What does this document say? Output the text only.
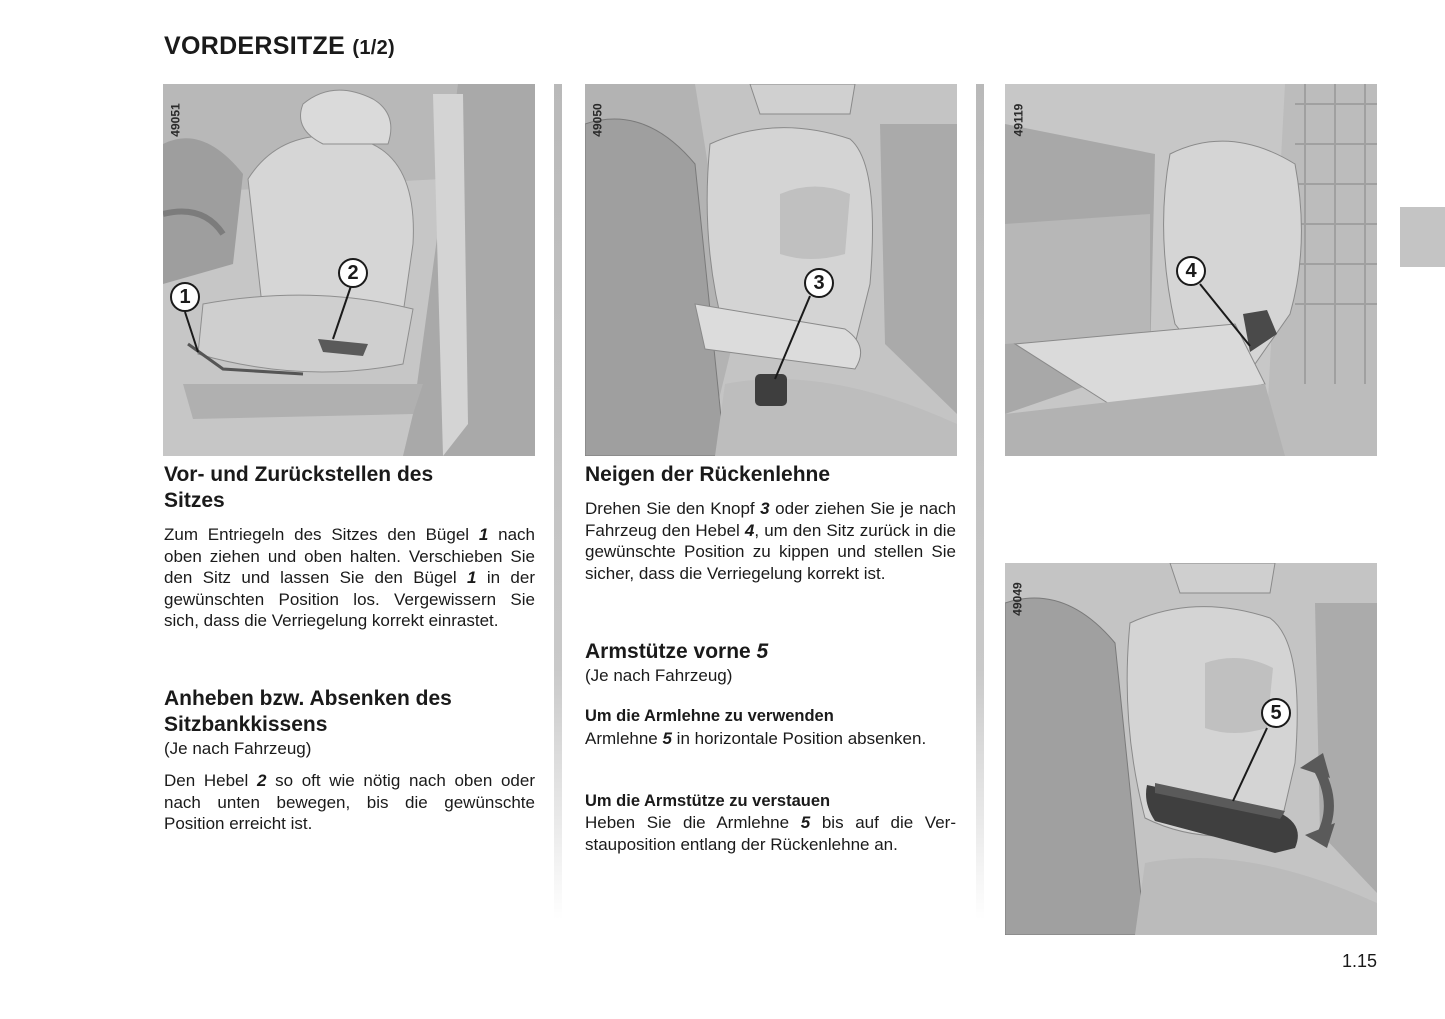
VORDERSITZE (1/2)
49051
1
2
49050
3
49119
4
49049
5
Vor- und Zurückstellen des
Sitzes
Zum Entriegeln des Sitzes den Bügel 1 nach oben ziehen und oben halten. Verschieben Sie den Sitz und lassen Sie den Bügel 1 in der gewünschten Position los. Vergewissern Sie sich, dass die Verriegelung korrekt einrastet.
Anheben bzw. Absenken des
Sitzbankkissens
(Je nach Fahrzeug)
Den Hebel 2 so oft wie nötig nach oben oder nach unten bewegen, bis die gewünschte Position erreicht ist.
Neigen der Rückenlehne
Drehen Sie den Knopf 3 oder ziehen Sie je nach Fahrzeug den Hebel 4, um den Sitz zurück in die gewünschte Position zu kippen und stellen Sie sicher, dass die Verriegelung korrekt ist.
Armstütze vorne 5
(Je nach Fahrzeug)
Um die Armlehne zu verwenden
Armlehne 5 in horizontale Position absenken.
Um die Armstütze zu verstauen
Heben Sie die Armlehne 5 bis auf die Verstauposition entlang der Rückenlehne an.
1.15
